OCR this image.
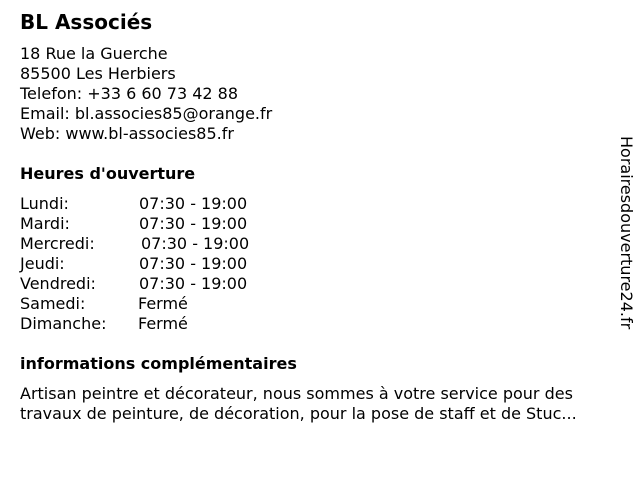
BL Associés
18 Rue la Guerche
85500 Les Herbiers
Telefon: +33 6 60 73 42 88
Email: bl.associes85@orange.fr
Web: www.bl-associes85.fr
Heures d'ouverture
Lundi:	07:30 - 19:00
Mardi:	07:30 - 19:00
Mercredi:	07:30 - 19:00
Jeudi:	07:30 - 19:00
Vendredi:	07:30 - 19:00
Samedi:	Fermé
Dimanche: Fermé
informations complémentaires

Artisan peintre et décorateur, nous sommes à votre service pour des travaux de peinture, de décoration, pour la pose de staff et de Stuc...

Horairesdouverture24.fr
